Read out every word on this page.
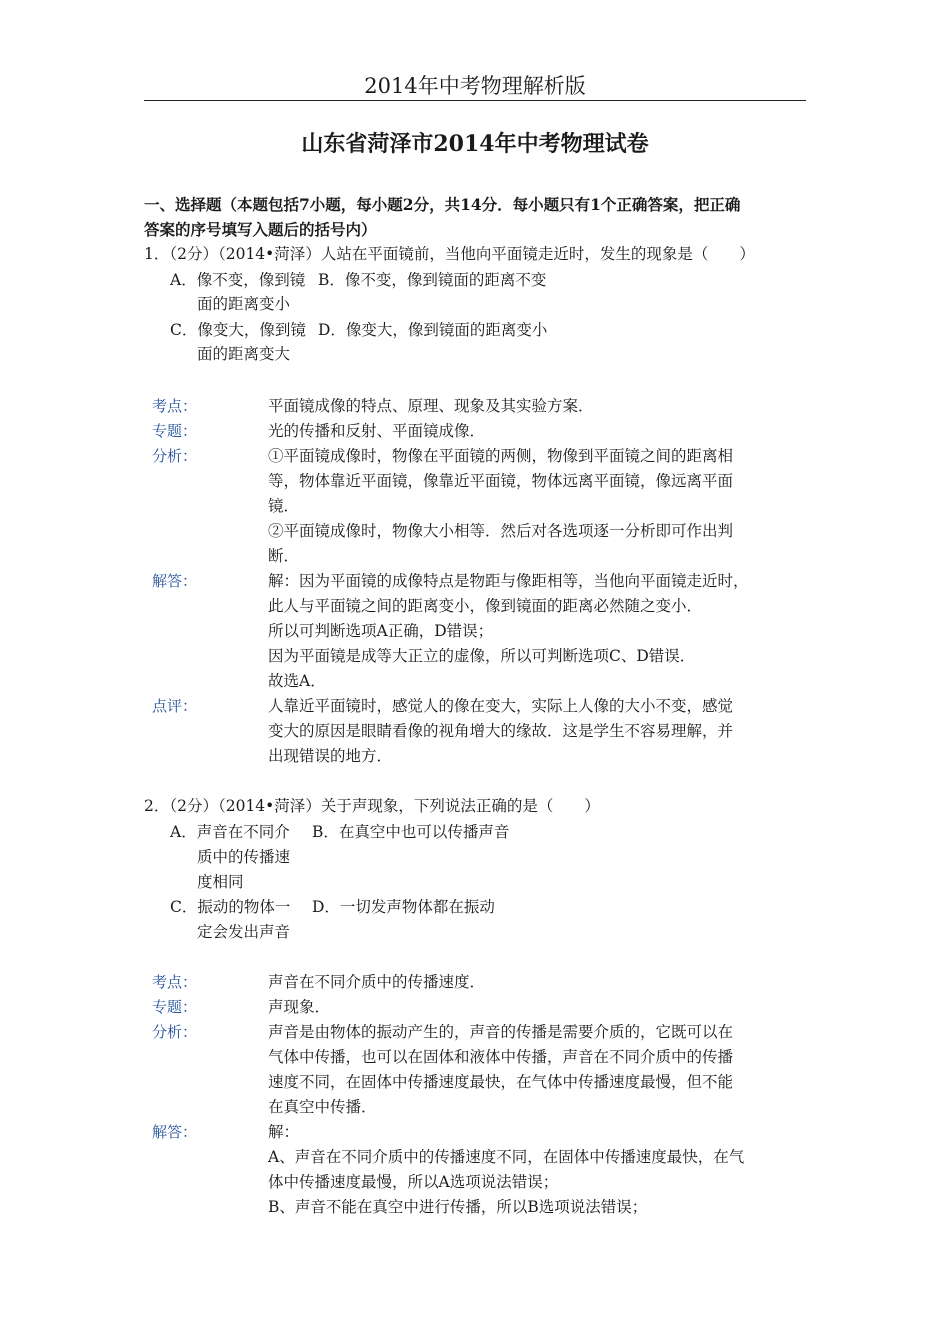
2014年中考物理解析版
山东省菏泽市2014年中考物理试卷
一、选择题（本题包括7小题，每小题2分，共14分．每小题只有1个正确答案，把正确
答案的序号填写入题后的括号内）
1．（2分）（2014•菏泽）人站在平面镜前，当他向平面镜走近时，发生的现象是（　　）
A．像不变，像到镜 B．像不变，像到镜面的距离不变
面的距离变小
C．像变大，像到镜 D．像变大，像到镜面的距离变小
面的距离变大
考点：	平面镜成像的特点、原理、现象及其实验方案．
专题：	光的传播和反射、平面镜成像．
分析：	①平面镜成像时，物像在平面镜的两侧，物像到平面镜之间的距离相
等，物体靠近平面镜，像靠近平面镜，物体远离平面镜，像远离平面
镜．
②平面镜成像时，物像大小相等．然后对各选项逐一分析即可作出判
断．
解答：	解：因为平面镜的成像特点是物距与像距相等，当他向平面镜走近时，
此人与平面镜之间的距离变小，像到镜面的距离必然随之变小．
所以可判断选项A正确，D错误；
因为平面镜是成等大正立的虚像，所以可判断选项C、D错误．
故选A．
点评：	人靠近平面镜时，感觉人的像在变大，实际上人像的大小不变，感觉
变大的原因是眼睛看像的视角增大的缘故．这是学生不容易理解，并
出现错误的地方．
2．（2分）（2014•菏泽）关于声现象，下列说法正确的是（　　）
A．声音在不同介 B．在真空中也可以传播声音
质中的传播速
度相同
C．振动的物体一 D．一切发声物体都在振动
定会发出声音
考点：	声音在不同介质中的传播速度．
专题：	声现象．
分析：	声音是由物体的振动产生的，声音的传播是需要介质的，它既可以在
气体中传播，也可以在固体和液体中传播，声音在不同介质中的传播
速度不同，在固体中传播速度最快，在气体中传播速度最慢，但不能
在真空中传播．
解答：	解：
A、声音在不同介质中的传播速度不同，在固体中传播速度最快，在气
体中传播速度最慢，所以A选项说法错误；
B、声音不能在真空中进行传播，所以B选项说法错误；
